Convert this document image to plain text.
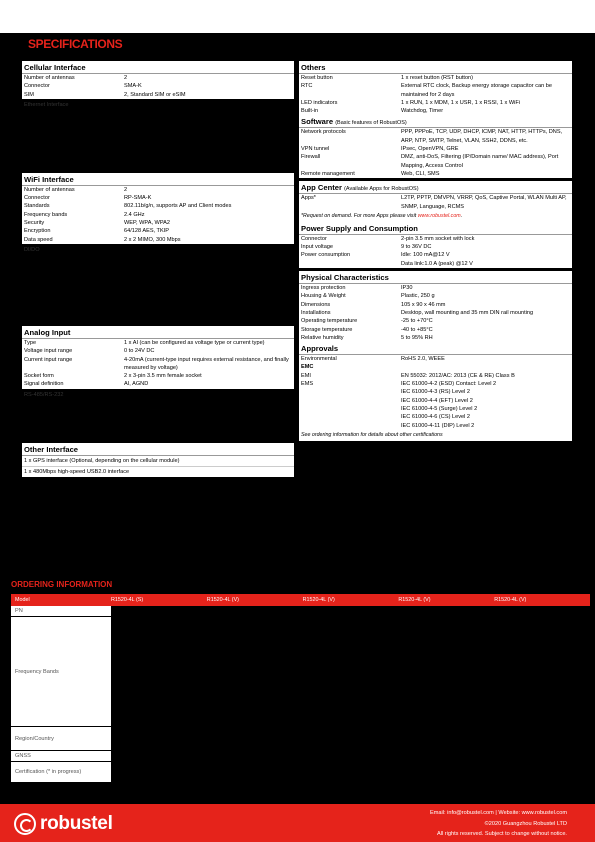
SPECIFICATIONS
Cellular Interface
Number of antennas	2
Connector	SMA-K
SIM	2, Standard SIM or eSIM
Ethernet Interface
WiFi Interface
Number of antennas	2
Connector	RP-SMA-K
Standards	802.11b/g/n, supports AP and Client modes
Frequency bands	2.4 GHz
Security	WEP, WPA, WPA2
Encryption	64/128 AES, TKIP
Data speed	2 x 2 MIMO, 300 Mbps
DI/DO
Analog Input
Type	1 x AI (can be configured as voltage type or current type)
Voltage input range	0 to 24V DC
Current input range	4-20mA (current-type input requires external resistance, and finally measured by voltage)
Socket form	2 x 3-pin 3.5 mm female socket
Signal definition	AI, AGND
RS-485/RS-232
Other Interface
1 x GPS interface (Optional, depending on the cellular module)
1 x 480Mbps high-speed USB2.0 interface
Others
Reset button	1 x reset button (RST button)
RTC	External RTC clock, Backup energy storage capacitor can be maintained for 2 days
LED indicators	1 x RUN, 1 x MDM, 1 x USR, 1 x RSSI, 1 x WiFi
Built-in	Watchdog, Timer
Software (Basic features of RobustOS)
Network protocols	PPP, PPPoE, TCP, UDP, DHCP, ICMP, NAT, HTTP, HTTPs, DNS, ARP, NTP, SMTP, Telnet, VLAN, SSH2, DDNS, etc.
VPN tunnel	IPsec, OpenVPN, GRE
Firewall	DMZ, anti-DoS, Filtering (IP/Domain name/ MAC address), Port Mapping, Access Control
Remote management	Web, CLI, SMS
App Center (Available Apps for RobustOS)
Apps*	L2TP, PPTP, DMVPN, VRRP, QoS, Captive Portal, WLAN Multi AP, SNMP, Language, RCMS
*Request on demand. For more Apps please visit www.robustel.com.
Power Supply and Consumption
Connector	2-pin 3.5 mm socket with lock
Input voltage	9 to 36V DC
Power consumption	Idle: 100 mA@12 V
Data link:1.0 A (peak) @12 V
Physical Characteristics
Ingress protection	IP30
Housing & Weight	Plastic, 250 g
Dimensions	105 x 90 x 46 mm
Installations	Desktop, wall mounting and 35 mm DIN rail mounting
Operating temperature	-25 to +70°C
Storage temperature	-40 to +85°C
Relative humidity	5 to 95% RH
Approvals
Environmental	RoHS 2.0, WEEE
EMC
EMI	EN 55032: 2012/AC: 2013 (CE & RE) Class B
EMS	IEC 61000-4-2 (ESD) Contact: Level 2
IEC 61000-4-3 (RS) Level 2
IEC 61000-4-4 (EFT) Level 2
IEC 61000-4-5 (Surge) Level 2
IEC 61000-4-6 (CS) Level 2
IEC 61000-4-11 (DIP) Level 2
See ordering information for details about other certifications
ORDERING INFORMATION
Model	R1520-4L (S)	R1520-4L (V)	R1520-4L (V)	R1520-4L (V)	R1520-4L (V)
PN
Frequency Bands
Region/Country
GNSS
Certification (* in progress)
robustel	Email: info@robustel.com | Website: www.robustel.com
©2020 Guangzhou Robustel LTD
All rights reserved. Subject to change without notice.
